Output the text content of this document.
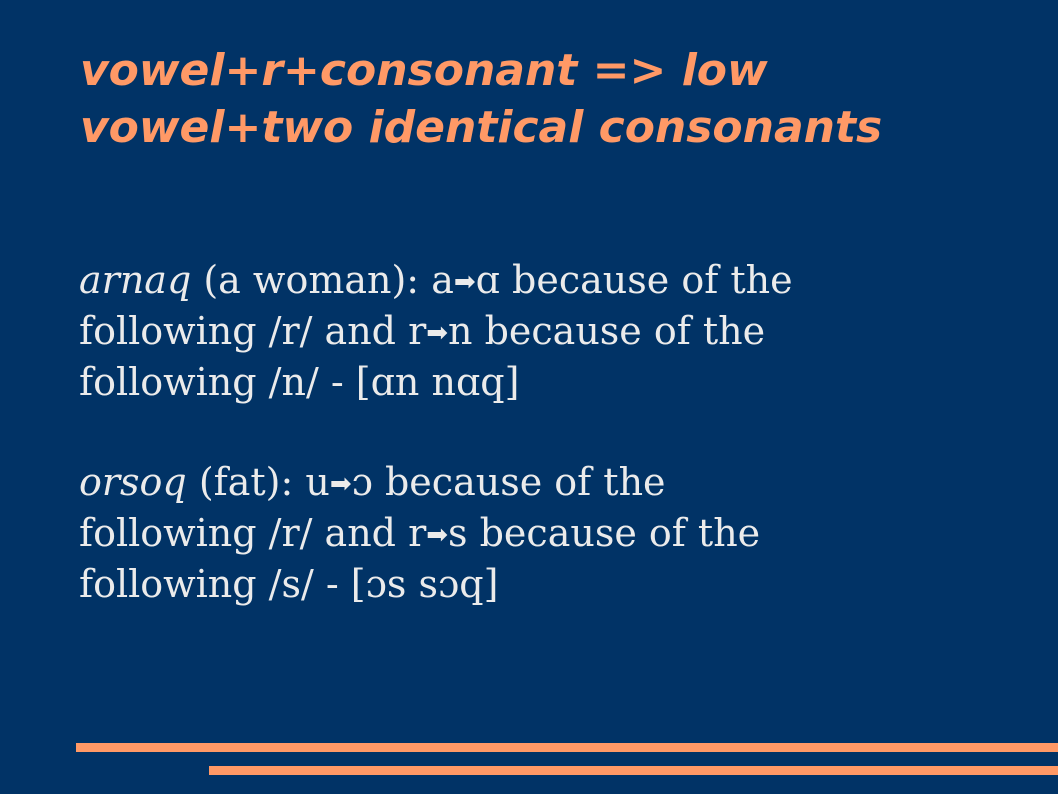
vowel+r+consonant => low
vowel+two identical consonants

arnaq (a woman): a➡ɑ because of the
following /r/ and r➡n because of the
following /n/ - [ɑn nɑq]

orsoq (fat): u➡ɔ because of the
following /r/ and r➡s because of the
following /s/ - [ɔs sɔq]
